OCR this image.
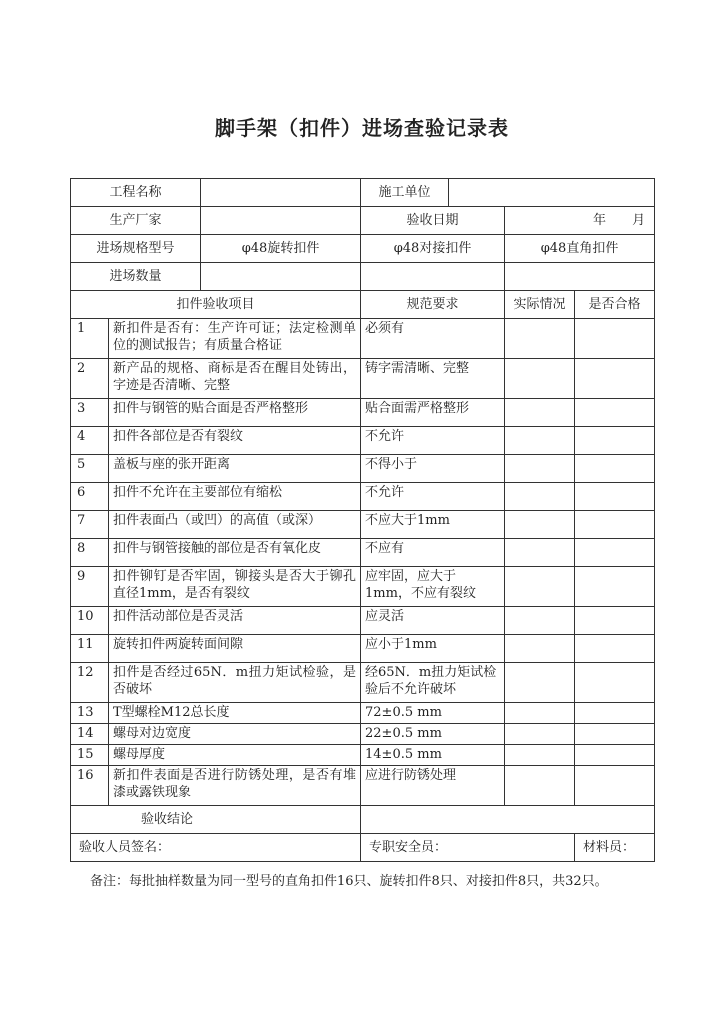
脚手架（扣件）进场查验记录表
工程名称			施工单位			
生产厂家			验收日期		年 月	
进场规格型号		φ48旋转扣件	φ48对接扣件		φ48直角扣件	
进场数量						
扣件验收项目			规范要求		实际情况	是否合格
1	新扣件是否有：生产许可证；法定检测单位的测试报告；有质量合格证		必须有			
2	新产品的规格、商标是否在醒目处铸出，字迹是否清晰、完整		铸字需清晰、完整			
3	扣件与钢管的贴合面是否严格整形		贴合面需严格整形			
4	扣件各部位是否有裂纹		不允许			
5	盖板与座的张开距离		不得小于			

6	扣件不允许在主要部位有缩松		不允许			
7	扣件表面凸（或凹）的高值（或深）		不应大于1mm			
8	扣件与钢管接触的部位是否有氧化皮		不应有			
9	扣件铆钉是否牢固，铆接头是否大于铆孔直径1mm，是否有裂纹		应牢固，应大于1mm，不应有裂纹			
10	扣件活动部位是否灵活		应灵活			
11	旋转扣件两旋转面间隙		应小于1mm			
12	扣件是否经过65N．m扭力矩试检验，是否破坏		经65N．m扭力矩试检验后不允许破坏			
13	T型螺栓M12总长度		72±0.5 mm			
14	螺母对边宽度		22±0.5 mm			
15	螺母厚度		14±0.5 mm			
16	新扣件表面是否进行防锈处理，是否有堆漆或露铁现象		应进行防锈处理			
验收结论						
验收人员签名：			专职安全员：			材料员：
备注：每批抽样数量为同一型号的直角扣件16只、旋转扣件8只、对接扣件8只，共32只。
